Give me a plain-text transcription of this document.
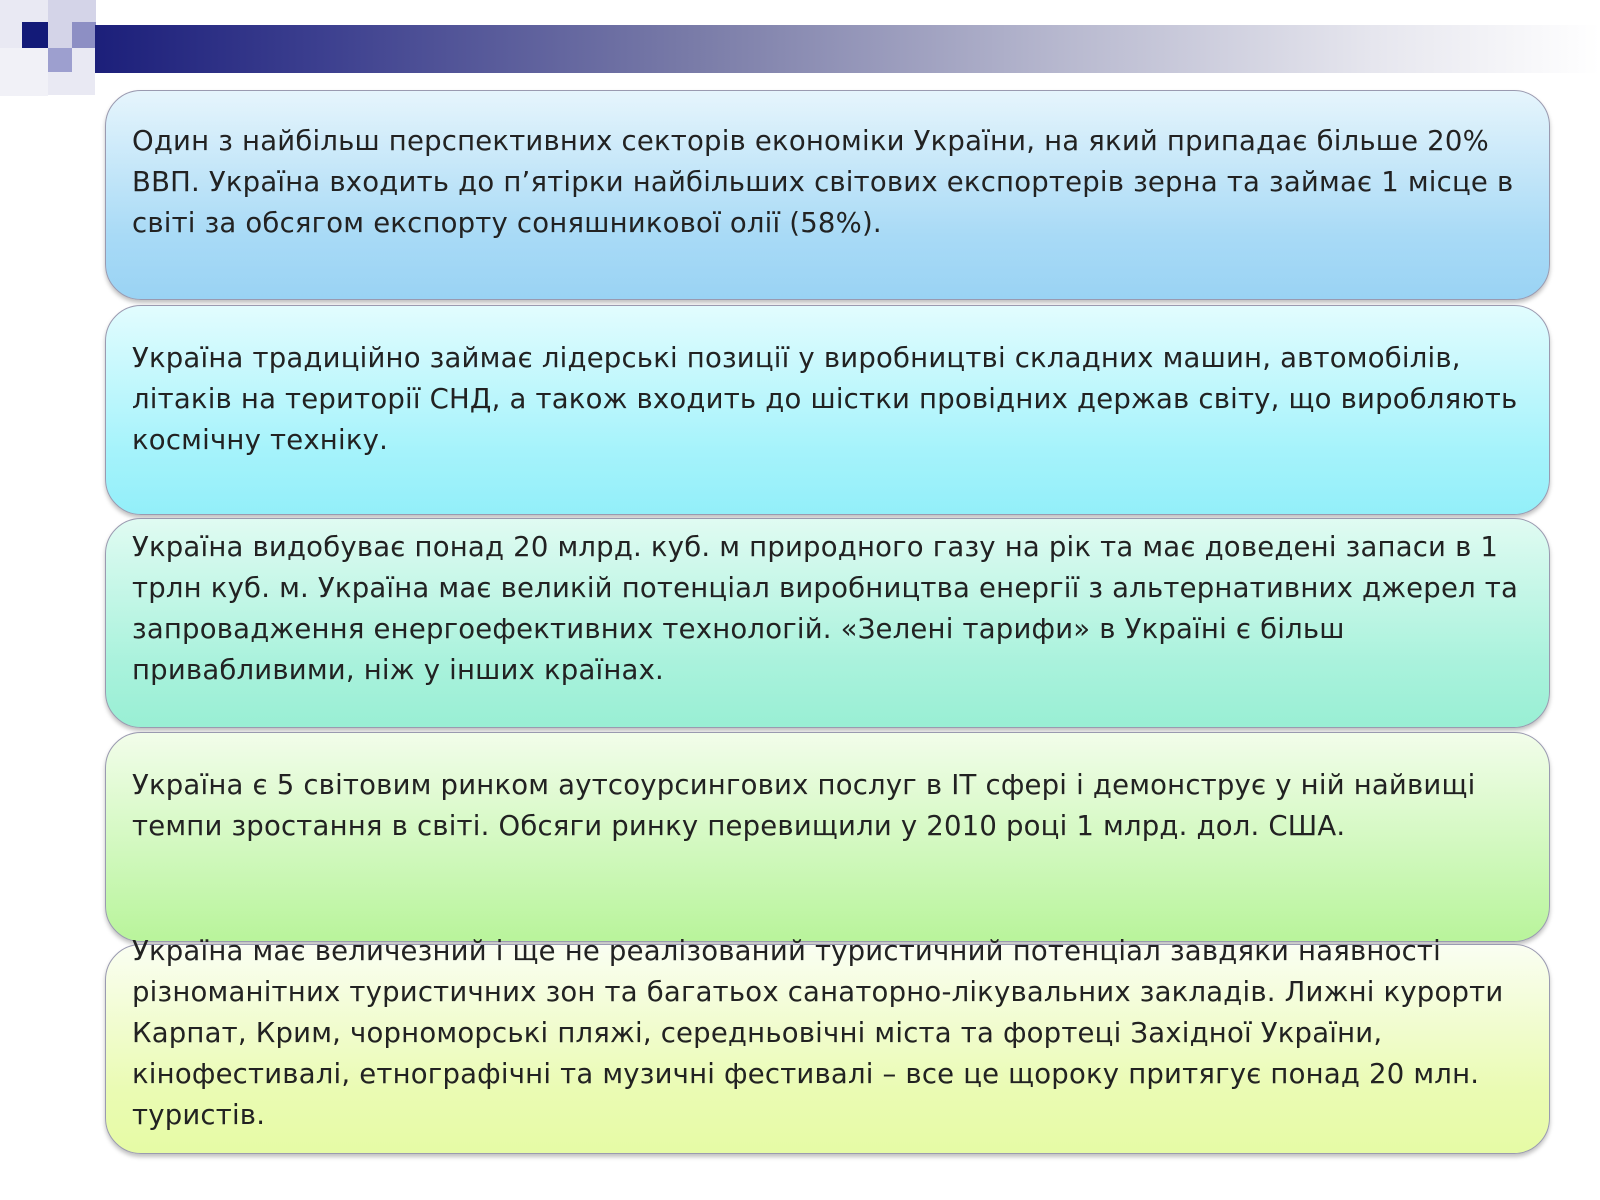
Один з найбільш перспективних секторів економіки України, на який припадає більше 20% ВВП. Україна входить до п’ятірки найбільших світових експортерів зерна та займає 1 місце в світі за обсягом експорту соняшникової олії (58%).

Україна традиційно займає лідерські позиції у виробництві складних машин, автомобілів, літаків на території СНД, а також входить до шістки провідних держав світу, що виробляють космічну техніку.

Україна видобуває понад 20 млрд. куб. м природного газу на рік та має доведені запаси в 1 трлн куб. м. Україна має великій потенціал виробництва енергії з альтернативних джерел та запровадження енергоефективних технологій. «Зелені тарифи» в Україні є більш привабливими, ніж у інших країнах.

Україна є 5 світовим ринком аутсоурсингових послуг в ІТ сфері і демонструє у ній найвищі темпи зростання в світі. Обсяги ринку перевищили у 2010 році 1 млрд. дол. США.

Україна має величезний і ще не реалізований туристичний потенціал завдяки наявності різноманітних туристичних зон та багатьох санаторно-лікувальних закладів. Лижні курорти Карпат, Крим, чорноморські пляжі, середньовічні міста та фортеці Західної України, кінофестивалі, етнографічні та музичні фестивалі – все це щороку притягує понад 20 млн. туристів.
